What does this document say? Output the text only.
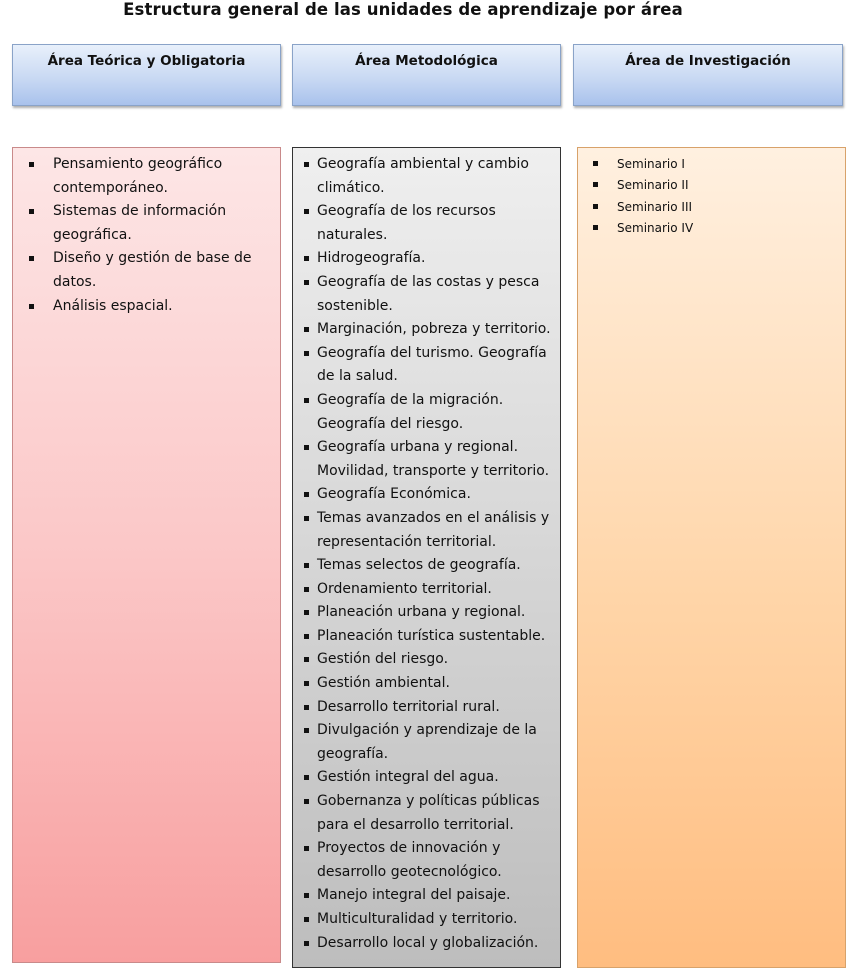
Estructura general de las unidades de aprendizaje por área
Área Teórica y Obligatoria	Área Metodológica	Área de Investigación
Pensamiento geográfico contemporáneo.
Sistemas de información geográfica.
Diseño y gestión de base de datos.
Análisis espacial.
Geografía ambiental y cambio climático.
Geografía de los recursos naturales.
Hidrogeografía.
Geografía de las costas y pesca sostenible.
Marginación, pobreza y territorio.
Geografía del turismo. Geografía de la salud.
Geografía de la migración. Geografía del riesgo.
Geografía urbana y regional. Movilidad, transporte y territorio.
Geografía Económica.
Temas avanzados en el análisis y representación territorial.
Temas selectos de geografía.
Ordenamiento territorial.
Planeación urbana y regional.
Planeación turística sustentable.
Gestión del riesgo.
Gestión ambiental.
Desarrollo territorial rural.
Divulgación y aprendizaje de la geografía.
Gestión integral del agua.
Gobernanza y políticas públicas para el desarrollo territorial.
Proyectos de innovación y desarrollo geotecnológico.
Manejo integral del paisaje.
Multiculturalidad y territorio.
Desarrollo local y globalización.
Seminario I
Seminario II
Seminario III
Seminario IV
